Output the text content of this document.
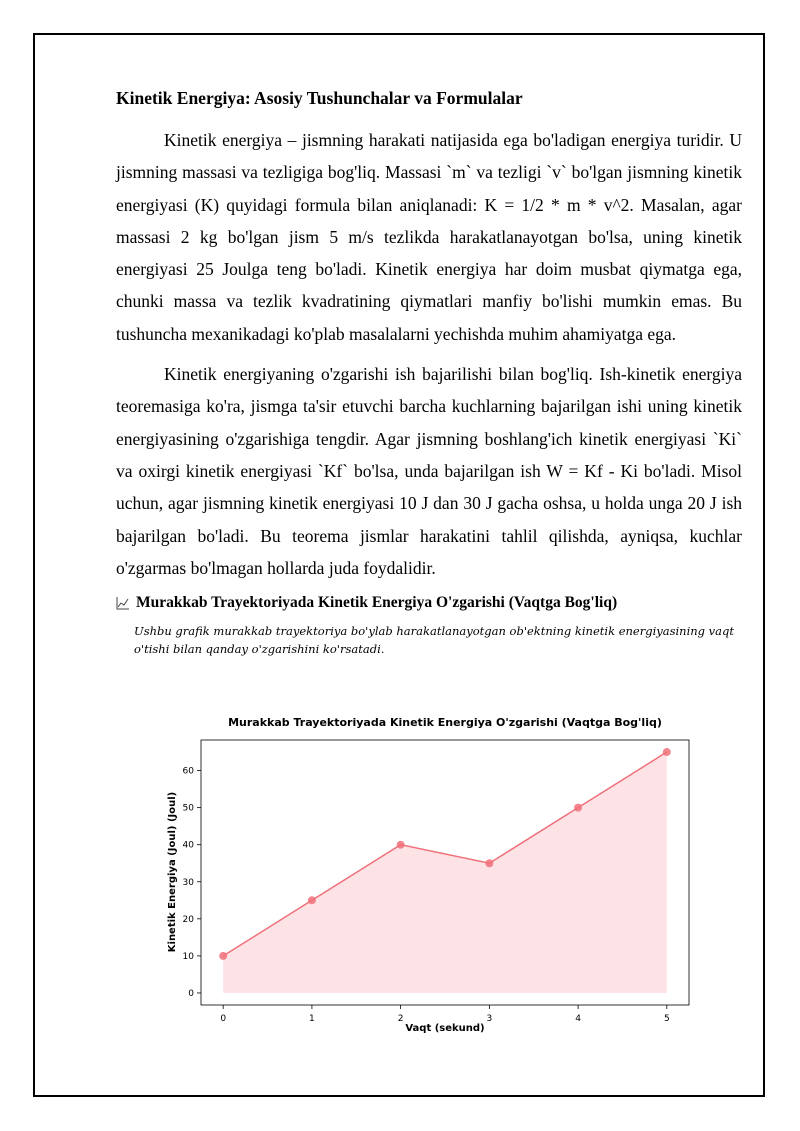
Kinetik Energiya: Asosiy Tushunchalar va Formulalar

Kinetik energiya – jismning harakati natijasida ega bo'ladigan energiya turidir. U jismning massasi va tezligiga bog'liq. Massasi `m` va tezligi `v` bo'lgan jismning kinetik energiyasi (K) quyidagi formula bilan aniqlanadi: K = 1/2 * m * v^2. Masalan, agar massasi 2 kg bo'lgan jism 5 m/s tezlikda harakatlanayotgan bo'lsa, uning kinetik energiyasi 25 Joulga teng bo'ladi. Kinetik energiya har doim musbat qiymatga ega, chunki massa va tezlik kvadratining qiymatlari manfiy bo'lishi mumkin emas. Bu tushuncha mexanikadagi ko'plab masalalarni yechishda muhim ahamiyatga ega.

Kinetik energiyaning o'zgarishi ish bajarilishi bilan bog'liq. Ish-kinetik energiya teoremasiga ko'ra, jismga ta'sir etuvchi barcha kuchlarning bajarilgan ishi uning kinetik energiyasining o'zgarishiga tengdir. Agar jismning boshlang'ich kinetik energiyasi `Ki` va oxirgi kinetik energiyasi `Kf` bo'lsa, unda bajarilgan ish W = Kf - Ki bo'ladi. Misol uchun, agar jismning kinetik energiyasi 10 J dan 30 J gacha oshsa, u holda unga 20 J ish bajarilgan bo'ladi. Bu teorema jismlar harakatini tahlil qilishda, ayniqsa, kuchlar o'zgarmas bo'lmagan hollarda juda foydalidir.

Murakkab Trayektoriyada Kinetik Energiya O'zgarishi (Vaqtga Bog'liq)
Ushbu grafik murakkab trayektoriya bo'ylab harakatlanayotgan ob'ektning kinetik energiyasining vaqt o'tishi bilan qanday o'zgarishini ko'rsatadi.
Murakkab Trayektoriyada Kinetik Energiya O'zgarishi (Vaqtga Bog'liq)
0	1	2	3	4	5
0
10
20
30
40
50
60
Vaqt (sekund)
Kinetik Energiya (Joul) (Joul)
